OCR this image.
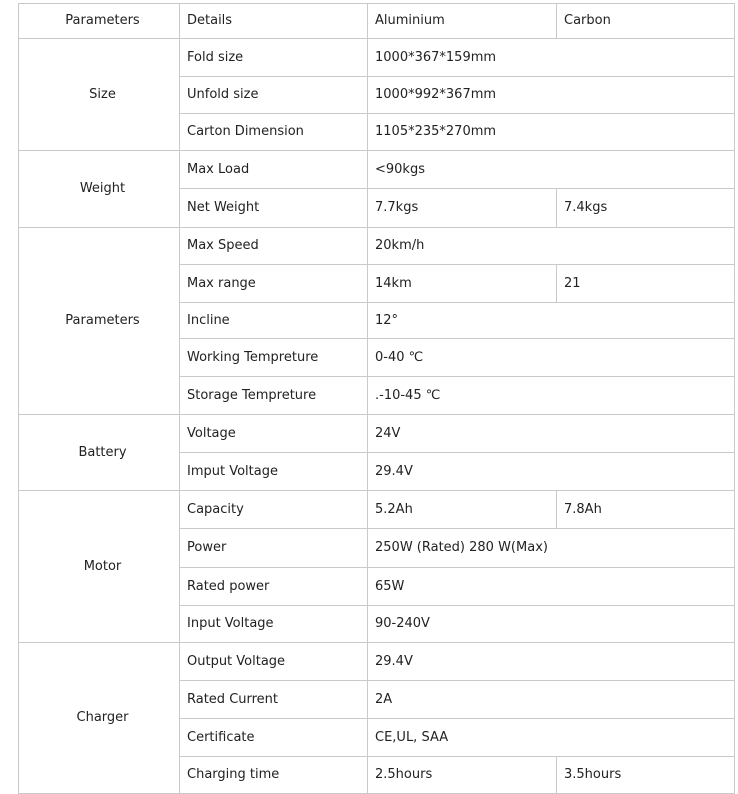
Parameters	Details	Aluminium	Carbon
Size	Fold size	1000*367*159mm	
	Unfold size	1000*992*367mm	
	Carton Dimension	1105*235*270mm	
Weight	Max Load	<90kgs	
	Net Weight	7.7kgs	7.4kgs
Parameters	Max Speed	20km/h	
	Max range	14km	21
	Incline	12°	
	Working Tempreture	0-40 ℃	
	Storage Tempreture	.-10-45 ℃	
Battery	Voltage	24V	
	Imput Voltage	29.4V	
Motor	Capacity	5.2Ah	7.8Ah
	Power	250W (Rated) 280 W(Max)	
	Rated power	65W	
	Input Voltage	90-240V	
Charger	Output Voltage	29.4V	
	Rated Current	2A	
	Certificate	CE,UL, SAA	
	Charging time	2.5hours	3.5hours
